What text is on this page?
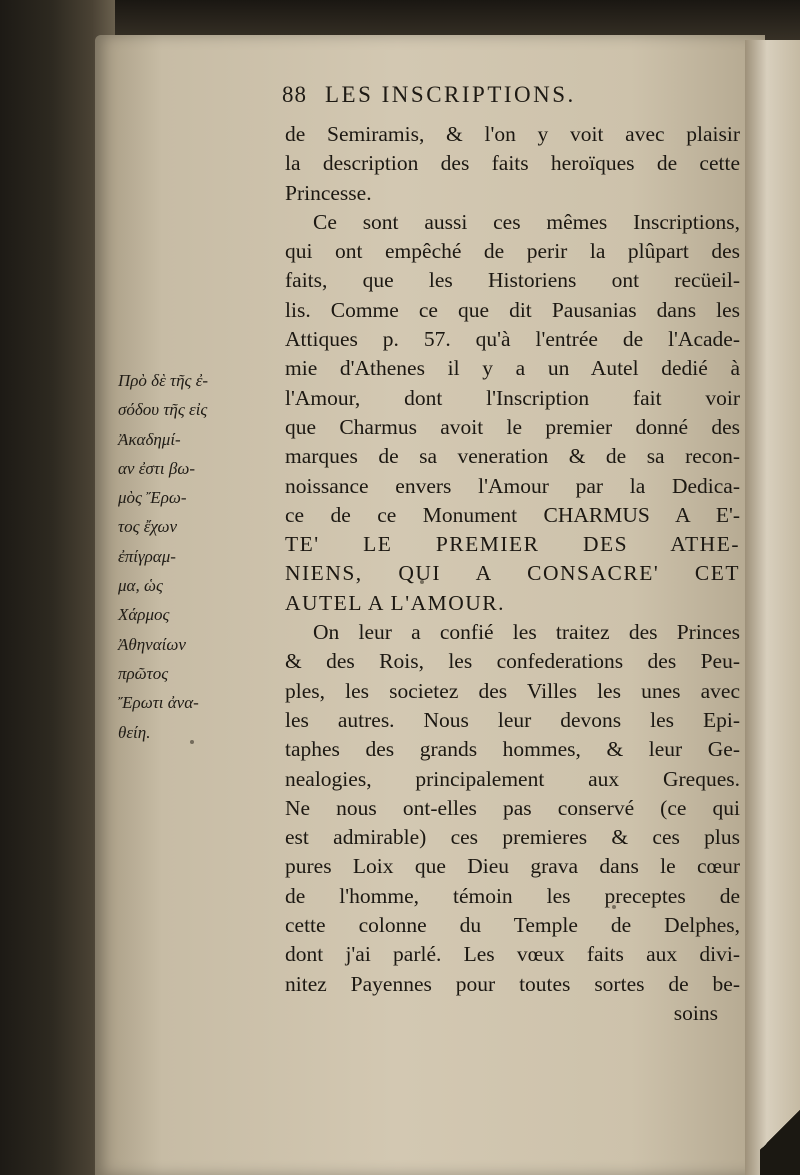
88 LES INSCRIPTIONS.
de Semiramis, & l'on y voit avec plaisir
la description des faits heroïques de cette
Princesse.
Ce sont aussi ces mêmes Inscriptions,
qui ont empêché de perir la plûpart des
faits, que les Historiens ont recüeil-
lis. Comme ce que dit Pausanias dans les
Attiques p. 57. qu'à l'entrée de l'Acade-
mie d'Athenes il y a un Autel dedié à
l'Amour, dont l'Inscription fait voir
que Charmus avoit le premier donné des
marques de sa veneration & de sa recon-
noissance envers l'Amour par la Dedica-
ce de ce Monument CHARMUS A E'-
TE' LE PREMIER DES ATHE-
NIENS, QUI A CONSACRE' CET
AUTEL A L'AMOUR.
On leur a confié les traitez des Princes
& des Rois, les confederations des Peu-
ples, les societez des Villes les unes avec
les autres. Nous leur devons les Epi-
taphes des grands hommes, & leur Ge-
nealogies, principalement aux Greques.
Ne nous ont-elles pas conservé (ce qui
est admirable) ces premieres & ces plus
pures Loix que Dieu grava dans le cœur
de l'homme, témoin les preceptes de
cette colonne du Temple de Delphes,
dont j'ai parlé. Les vœux faits aux divi-
nitez Payennes pour toutes sortes de be-
soins
Πρὸ δὲ τῆς ἐ-
σόδου τῆς εἰς
Ἀκαδημί-
αν ἐστι βω-
μὸς Ἔρω-
τος ἔχων
ἐπίγραμ-
μα, ὡς
Χάρμος
Ἀθηναίων
πρῶτος
Ἔρωτι ἀνα-
θείη.
